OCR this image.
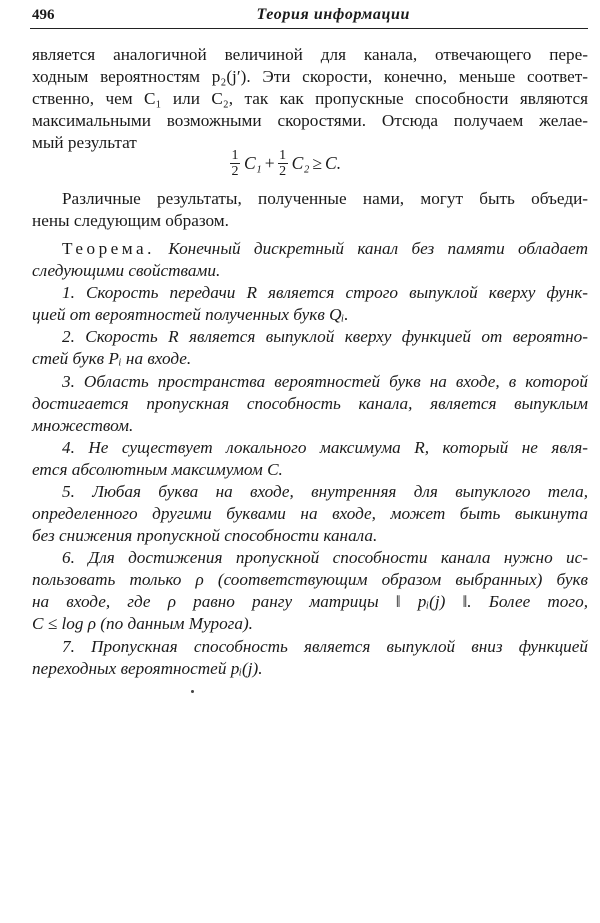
496	Теория информации
является аналогичной величиной для канала, отвечающего пере-
ходным вероятностям p₂(j′). Эти скорости, конечно, меньше соответ-
ственно, чем C₁ или C₂, так как пропускные способности являются
максимальными возможными скоростями. Отсюда получаем желае-
мый результат
$\frac{1}{2} C_1 + \frac{1}{2} C_2 \ge C$.
Различные результаты, полученные нами, могут быть объеди-
нены следующим образом.
Теорема. Конечный дискретный канал без памяти обладает
следующими свойствами.
1. Скорость передачи R является строго выпуклой кверху функ-
цией от вероятностей полученных букв Qᵢ.
2. Скорость R является выпуклой кверху функцией от вероятно-
стей букв Pᵢ на входе.
3. Область пространства вероятностей букв на входе, в которой
достигается пропускная способность канала, является выпуклым
множеством.
4. Не существует локального максимума R, который не явля-
ется абсолютным максимумом C.
5. Любая буква на входе, внутренняя для выпуклого тела,
определенного другими буквами на входе, может быть выкинута
без снижения пропускной способности канала.
6. Для достижения пропускной способности канала нужно ис-
пользовать только ρ (соответствующим образом выбранных) букв
на входе, где ρ равно рангу матрицы ‖ pᵢ(j) ‖. Более того,
C ≤ log ρ (по данным Мурога).
7. Пропускная способность является выпуклой вниз функцией
переходных вероятностей pᵢ(j).
